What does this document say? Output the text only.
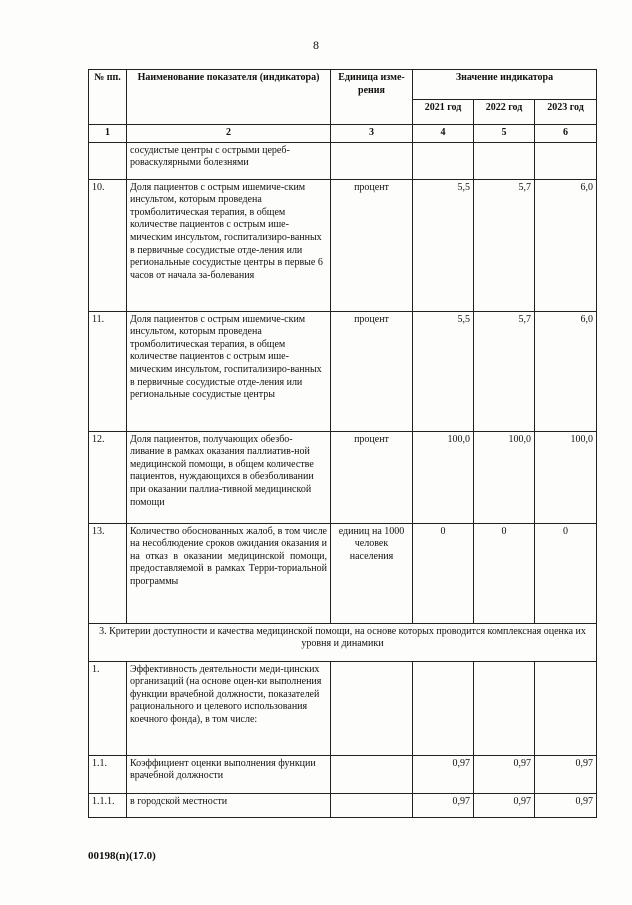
8
№ пп.	Наименование показателя (индикатора)	Единица изме-рения	Значение индикатора		
			2021 год	2022 год	2023 год
1	2	3	4	5	6
	сосудистые центры с острыми цереб-роваскулярными болезнями				
10.	Доля пациентов с острым ишемиче-ским инсультом, которым проведена тромболитическая терапия, в общем количестве пациентов с острым ише-мическим инсультом, госпитализиро-ванных в первичные сосудистые отде-ления или региональные сосудистые центры в первые 6 часов от начала за-болевания	процент	5,5	5,7	6,0
11.	Доля пациентов с острым ишемиче-ским инсультом, которым проведена тромболитическая терапия, в общем количестве пациентов с острым ише-мическим инсультом, госпитализиро-ванных в первичные сосудистые отде-ления или региональные сосудистые центры	процент	5,5	5,7	6,0
12.	Доля пациентов, получающих обезбо-ливание в рамках оказания паллиатив-ной медицинской помощи, в общем количестве пациентов, нуждающихся в обезболивании при оказании паллиа-тивной медицинской помощи	процент	100,0	100,0	100,0
13.	Количество обоснованных жалоб, в том числе на несоблюдение сроков ожидания оказания и на отказ в оказании медицинской помощи, предоставляемой в рамках Терри-ториальной программы	единиц на 1000 человек населения	0	0	0
3. Критерии доступности и качества медицинской помощи, на основе которых проводится комплексная оценка их уровня и динамики					
1.	Эффективность деятельности меди-цинских организаций (на основе оцен-ки выполнения функции врачебной должности, показателей рационального и целевого использования коечного фонда), в том числе:				
1.1.	Коэффициент оценки выполнения функции врачебной должности		0,97	0,97	0,97
1.1.1.	в городской местности		0,97	0,97	0,97
00198(п)(17.0)
